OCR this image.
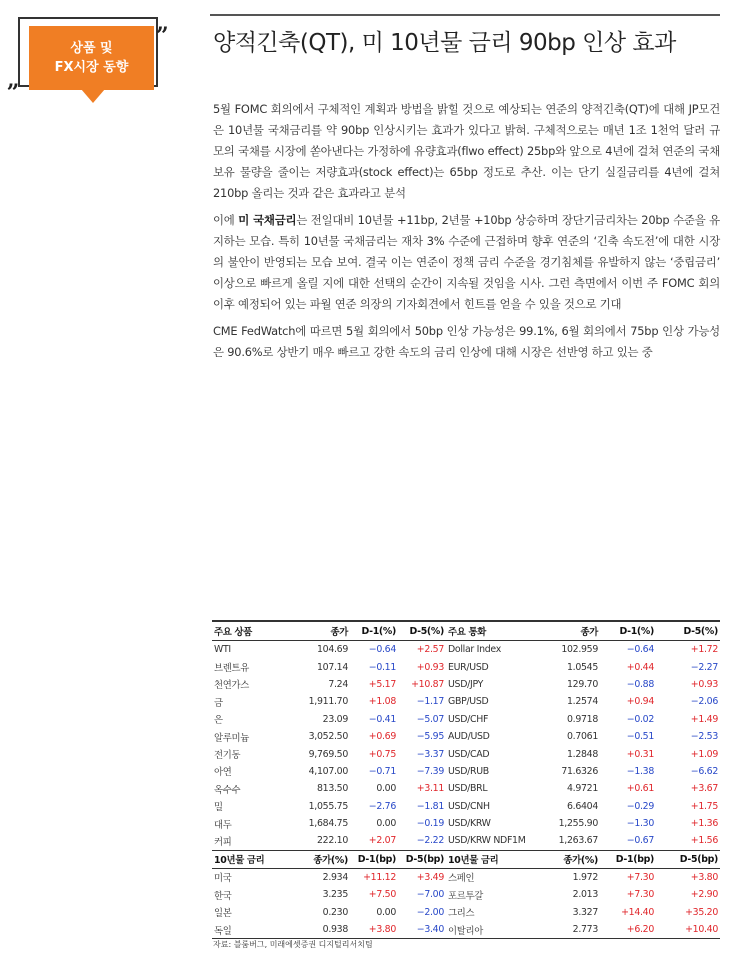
상품 및
FX시장 동향
„
” 양적긴축(QT), 미 10년물 금리 90bp 인상 효과

5월 FOMC 회의에서 구체적인 계획과 방법을 밝힐 것으로 예상되는 연준의 양적긴축(QT)에 대해 JP모건은 10년물 국채금리를 약 90bp 인상시키는 효과가 있다고 밝혀. 구체적으로는 매년 1조 1천억 달러 규모의 국채를 시장에 쏟아낸다는 가정하에 유량효과(flwo effect) 25bp와 앞으로 4년에 걸쳐 연준의 국채 보유 물량을 줄이는 저량효과(stock effect)는 65bp 정도로 추산. 이는 단기 실질금리를 4년에 걸쳐 210bp 올리는 것과 같은 효과라고 분석

이에 미 국채금리는 전일대비 10년물 +11bp, 2년물 +10bp 상승하며 장단기금리차는 20bp 수준을 유지하는 모습. 특히 10년물 국채금리는 재차 3% 수준에 근접하며 향후 연준의 ‘긴축 속도전’에 대한 시장의 불안이 반영되는 모습 보여. 결국 이는 연준이 정책 금리 수준을 경기침체를 유발하지 않는 ‘중립금리’ 이상으로 빠르게 올릴 지에 대한 선택의 순간이 지속될 것임을 시사. 그런 측면에서 이번 주 FOMC 회의 이후 예정되어 있는 파월 연준 의장의 기자회견에서 힌트를 얻을 수 있을 것으로 기대

CME FedWatch에 따르면 5월 회의에서 50bp 인상 가능성은 99.1%, 6월 회의에서 75bp 인상 가능성은 90.6%로 상반기 매우 빠르고 강한 속도의 금리 인상에 대해 시장은 선반영 하고 있는 중

주요 상품	종가	D-1(%)	D-5(%)	주요 통화	종가	D-1(%)	D-5(%)
WTI	104.69	−0.64	+2.57	Dollar Index	102.959	−0.64	+1.72
브렌트유	107.14	−0.11	+0.93	EUR/USD	1.0545	+0.44	−2.27
천연가스	7.24	+5.17	+10.87	USD/JPY	129.70	−0.88	+0.93
금	1,911.70	+1.08	−1.17	GBP/USD	1.2574	+0.94	−2.06
은	23.09	−0.41	−5.07	USD/CHF	0.9718	−0.02	+1.49
알루미늄	3,052.50	+0.69	−5.95	AUD/USD	0.7061	−0.51	−2.53
전기동	9,769.50	+0.75	−3.37	USD/CAD	1.2848	+0.31	+1.09
아연	4,107.00	−0.71	−7.39	USD/RUB	71.6326	−1.38	−6.62
옥수수	813.50	0.00	+3.11	USD/BRL	4.9721	+0.61	+3.67
밀	1,055.75	−2.76	−1.81	USD/CNH	6.6404	−0.29	+1.75
대두	1,684.75	0.00	−0.19	USD/KRW	1,255.90	−1.30	+1.36
커피	222.10	+2.07	−2.22	USD/KRW NDF1M	1,263.67	−0.67	+1.56
10년물 금리	종가(%)	D-1(bp)	D-5(bp)	10년물 금리	종가(%)	D-1(bp)	D-5(bp)
미국	2.934	+11.12	+3.49	스페인	1.972	+7.30	+3.80
한국	3.235	+7.50	−7.00	포르투갈	2.013	+7.30	+2.90
일본	0.230	0.00	−2.00	그리스	3.327	+14.40	+35.20
독일	0.938	+3.80	−3.40	이탈리아	2.773	+6.20	+10.40
자료: 블룸버그, 미래에셋증권 디지털리서치팀
